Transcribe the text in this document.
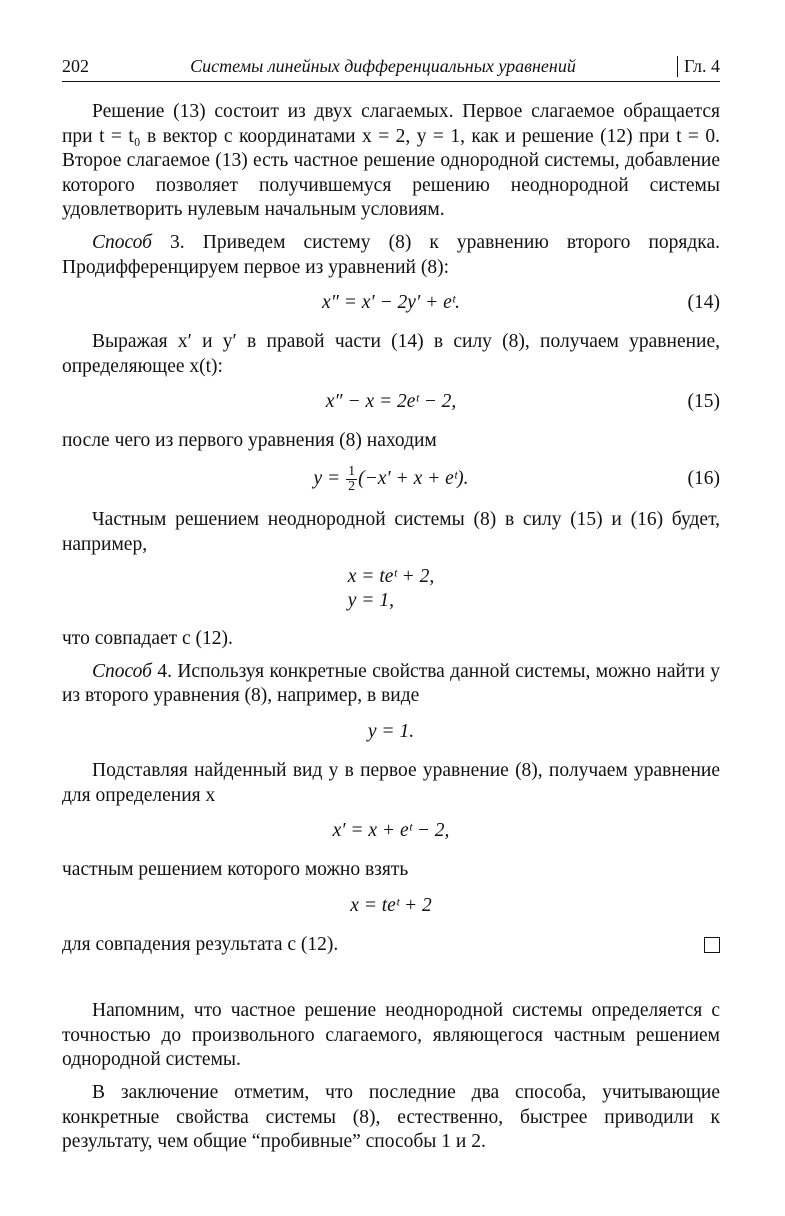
202	Системы линейных дифференциальных уравнений	Гл. 4

Решение (13) состоит из двух слагаемых. Первое слагаемое обращается при t = t₀ в вектор с координатами x = 2, y = 1, как и решение (12) при t = 0. Второе слагаемое (13) есть частное решение однородной системы, добавление которого позволяет получившемуся решению неоднородной системы удовлетворить нулевым начальным условиям.

Способ 3. Приведем систему (8) к уравнению второго порядка. Продифференцируем первое из уравнений (8):

x″ = x′ − 2y′ + eᵗ.	(14)

Выражая x′ и y′ в правой части (14) в силу (8), получаем уравнение, определяющее x(t):

x″ − x = 2eᵗ − 2,	(15)

после чего из первого уравнения (8) находим

$y = \frac{1}{2} (-x' + x$ + eᵗ).	(16)

Частным решением неоднородной системы (8) в силу (15) и (16) будет, например,

x = teᵗ + 2,
y = 1,

что совпадает с (12).

Способ 4. Используя конкретные свойства данной системы, можно найти y из второго уравнения (8), например, в виде

y = 1.

Подставляя найденный вид y в первое уравнение (8), получаем уравнение для определения x

x′ = x + eᵗ − 2,

частным решением которого можно взять

x = teᵗ + 2
для совпадения результата с (12).

Напомним, что частное решение неоднородной системы определяется с точностью до произвольного слагаемого, являющегося частным решением однородной системы.

В заключение отметим, что последние два способа, учитывающие конкретные свойства системы (8), естественно, быстрее приводили к результату, чем общие “пробивные” способы 1 и 2.
